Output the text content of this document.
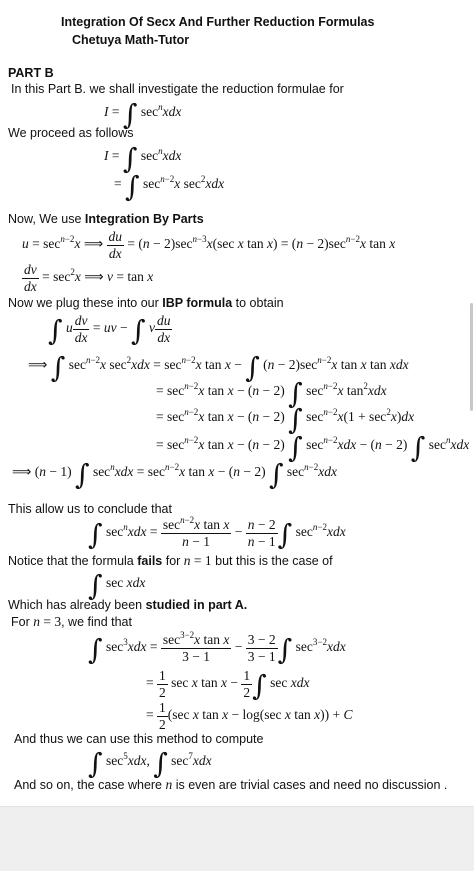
Integration Of Secx And Further Reduction Formulas
Chetuya Math-Tutor
PART B
In this Part B. we shall investigate the reduction formulae for
I = ∫ $\sec^nxdx$
We proceed as follows
I = ∫ $\sec^nxdx$
= ∫ $\sec^{n-2}x$ $\sec^2xdx$
Now, We use Integration By Parts
$u = \sec^{n-2}x$ ⟹ $\frac{du}{dx} = (n - 2)\sec^{n-3}x(\sec$ x $\tan x) = (n - 2)\sec^{n-2}x$ tan x
$\frac{dv}{dx} = \sec^2x$ ⟹ v = tan x
Now we plug these into our IBP formula to obtain
∫ u $\frac{dv}{dx}$ = uv − ∫ v $\frac{du}{dx}$
⟹ ∫ $\sec^{n-2}x$ $\sec^2xdx = \sec^{n-2}x$ tan x − ∫ $(n - 2)\sec^{n-2}x$ tan x tan xdx
= $\sec^{n-2}x$ tan x − (n − 2) ∫ $\sec^{n-2}x$ $\tan^2xdx$
= $\sec^{n-2}x$ tan x − (n − 2) ∫ $\sec^{n-2}x(1 + \sec^2x)dx$
= $\sec^{n-2}x$ tan x − (n − 2) ∫ $\sec^{n-2}xdx - (n - 2)$ ∫ $\sec^nxdx$
⟹ (n − 1) ∫ $\sec^nxdx = \sec^{n-2}x$ tan x − (n − 2) ∫ $\sec^{n-2}xdx$
This allow us to conclude that
∫ $\sec^nxdx = \frac{\sec^{n-2}x \tan x}{n - 1} - \frac{n - 2}{n - 1}$ ∫ $\sec^{n-2}xdx$
Notice that the formula fails for n = 1 but this is the case of
∫ sec xdx
Which has already been studied in part A.
For n = 3, we find that
∫ $\sec^3xdx = \frac{\sec^{3-2}x \tan x}{3 - 1} - \frac{3 - 2}{3 - 1}$ ∫ $\sec^{3-2}xdx$
= $\frac{1}{2}$ sec x $\tan x - \frac{1}{2}$ ∫ sec xdx
= $\frac{1}{2} (\sec$ x tan x − log(sec x tan x)) + C
And thus we can use this method to compute
∫ $\sec^5xdx$, ∫ $\sec^7xdx$
And so on, the case where n is even are trivial cases and need no discussion .
